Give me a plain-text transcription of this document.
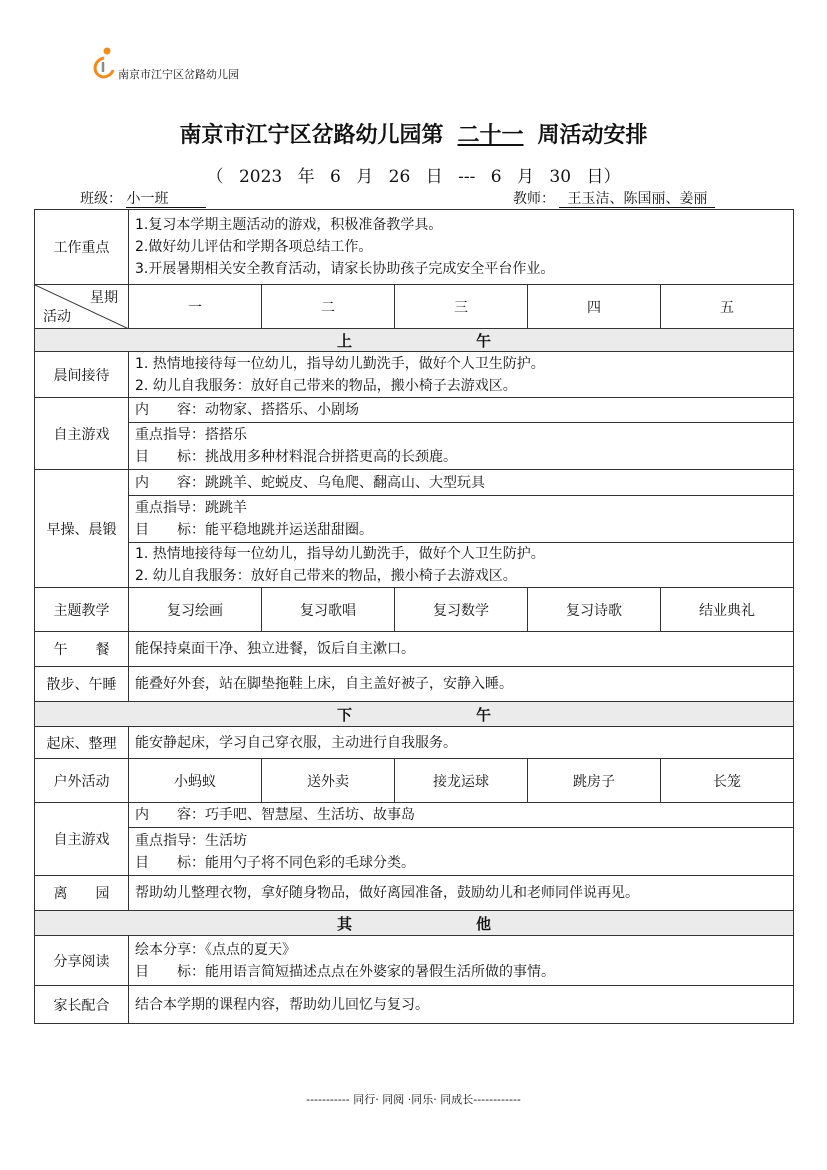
南京市江宁区岔路幼儿园
南京市江宁区岔路幼儿园第 二十一 周活动安排
（ 2023 年 6 月 26 日 --- 6 月 30 日）
班级： 小一班	教师： 王玉洁、陈国丽、姜丽
工作重点	1.复习本学期主题活动的游戏，积极准备教学具。
2.做好幼儿评估和学期各项总结工作。
3.开展暑期相关安全教育活动，请家长协助孩子完成安全平台作业。				

星期
活动	一	二	三	四	五
上 午					
晨间接待	1. 热情地接待每一位幼儿，指导幼儿勤洗手，做好个人卫生防护。
2. 幼儿自我服务：放好自己带来的物品，搬小椅子去游戏区。				

自主游戏	内　　容：动物家、搭搭乐、小剧场				

	重点指导：搭搭乐
目　　标：挑战用多种材料混合拼搭更高的长颈鹿。				

早操、晨锻	内　　容：跳跳羊、蛇蜕皮、乌龟爬、翻高山、大型玩具				

	重点指导：跳跳羊
目　　标：能平稳地跳并运送甜甜圈。				

	1. 热情地接待每一位幼儿，指导幼儿勤洗手，做好个人卫生防护。
2. 幼儿自我服务：放好自己带来的物品，搬小椅子去游戏区。				

主题教学	复习绘画	复习歌唱	复习数学	复习诗歌	结业典礼
午　　餐	能保持桌面干净、独立进餐，饭后自主漱口。				

散步、午睡	能叠好外套，站在脚垫拖鞋上床，自主盖好被子，安静入睡。				

下 午					
起床、整理	能安静起床，学习自己穿衣服，主动进行自我服务。				

户外活动	小蚂蚁	送外卖	接龙运球	跳房子	长笼
自主游戏	内　　容：巧手吧、智慧屋、生活坊、故事岛				

	重点指导：生活坊
目　　标：能用勺子将不同色彩的毛球分类。				

离　　园	帮助幼儿整理衣物，拿好随身物品，做好离园准备，鼓励幼儿和老师同伴说再见。				

其 他					
分享阅读	绘本分享：《点点的夏天》
目　　标：能用语言简短描述点点在外婆家的暑假生活所做的事情。				

家长配合	结合本学期的课程内容，帮助幼儿回忆与复习。				
----------- 同行· 同阅 ·同乐· 同成长------------
